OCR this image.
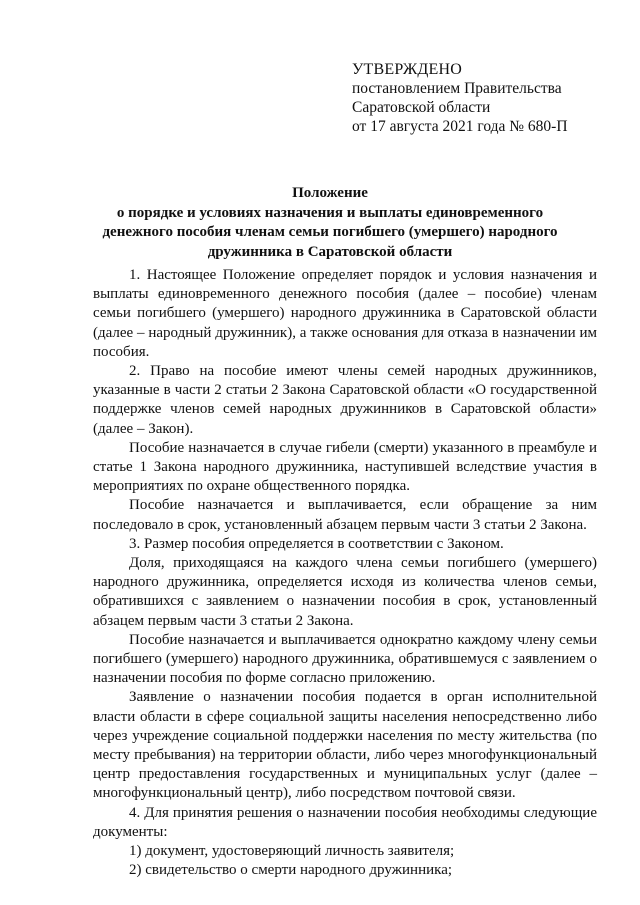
УТВЕРЖДЕНО
постановлением Правительства
Саратовской области
от 17 августа 2021 года № 680-П
Положение
о порядке и условиях назначения и выплаты единовременного
денежного пособия членам семьи погибшего (умершего) народного
дружинника в Саратовской области

1. Настоящее Положение определяет порядок и условия назначения и выплаты единовременного денежного пособия (далее – пособие) членам семьи погибшего (умершего) народного дружинника в Саратовской области (далее – народный дружинник), а также основания для отказа в назначении им пособия.

2. Право на пособие имеют члены семей народных дружинников, указанные в части 2 статьи 2 Закона Саратовской области «О государственной поддержке членов семей народных дружинников в Саратовской области» (далее – Закон).

Пособие назначается в случае гибели (смерти) указанного в преамбуле и статье 1 Закона народного дружинника, наступившей вследствие участия в мероприятиях по охране общественного порядка.

Пособие назначается и выплачивается, если обращение за ним последовало в срок, установленный абзацем первым части 3 статьи 2 Закона.

3. Размер пособия определяется в соответствии с Законом.

Доля, приходящаяся на каждого члена семьи погибшего (умершего) народного дружинника, определяется исходя из количества членов семьи, обратившихся с заявлением о назначении пособия в срок, установленный абзацем первым части 3 статьи 2 Закона.

Пособие назначается и выплачивается однократно каждому члену семьи погибшего (умершего) народного дружинника, обратившемуся с заявлением о назначении пособия по форме согласно приложению.

Заявление о назначении пособия подается в орган исполнительной власти области в сфере социальной защиты населения непосредственно либо через учреждение социальной поддержки населения по месту жительства (по месту пребывания) на территории области, либо через многофункциональный центр предоставления государственных и муниципальных услуг (далее – многофункциональный центр), либо посредством почтовой связи.

4. Для принятия решения о назначении пособия необходимы следующие документы:

1) документ, удостоверяющий личность заявителя;

2) свидетельство о смерти народного дружинника;
